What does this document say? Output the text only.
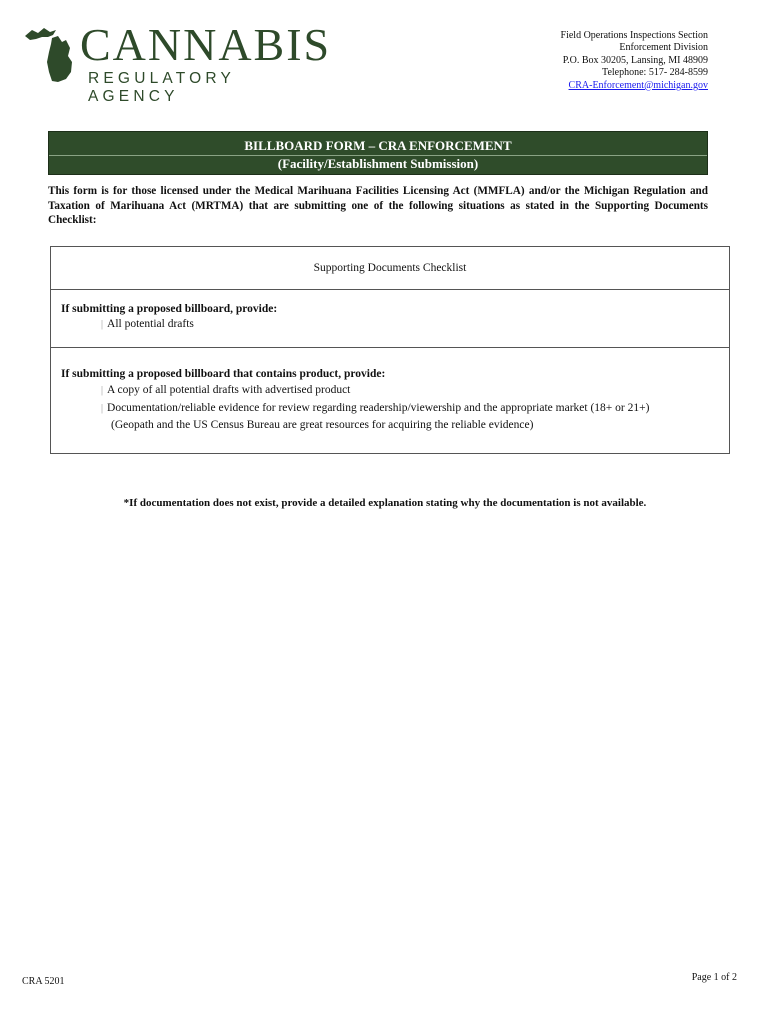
CANNABIS
REGULATORY AGENCY
Field Operations Inspections Section
Enforcement Division
P.O. Box 30205, Lansing, MI 48909
Telephone: 517- 284-8599
CRA-Enforcement@michigan.gov
BILLBOARD FORM – CRA ENFORCEMENT
(Facility/Establishment Submission)
This form is for those licensed under the Medical Marihuana Facilities Licensing Act (MMFLA) and/or the Michigan Regulation and Taxation of Marihuana Act (MRTMA) that are submitting one of the following situations as stated in the Supporting Documents Checklist:
Supporting Documents Checklist
If submitting a proposed billboard, provide:
| All potential drafts
If submitting a proposed billboard that contains product, provide:
| A copy of all potential drafts with advertised product
| Documentation/reliable evidence for review regarding readership/viewership and the appropriate market (18+ or 21+)
(Geopath and the US Census Bureau are great resources for acquiring the reliable evidence)
*If documentation does not exist, provide a detailed explanation stating why the documentation is not available.
CRA 5201	Page 1 of 2
